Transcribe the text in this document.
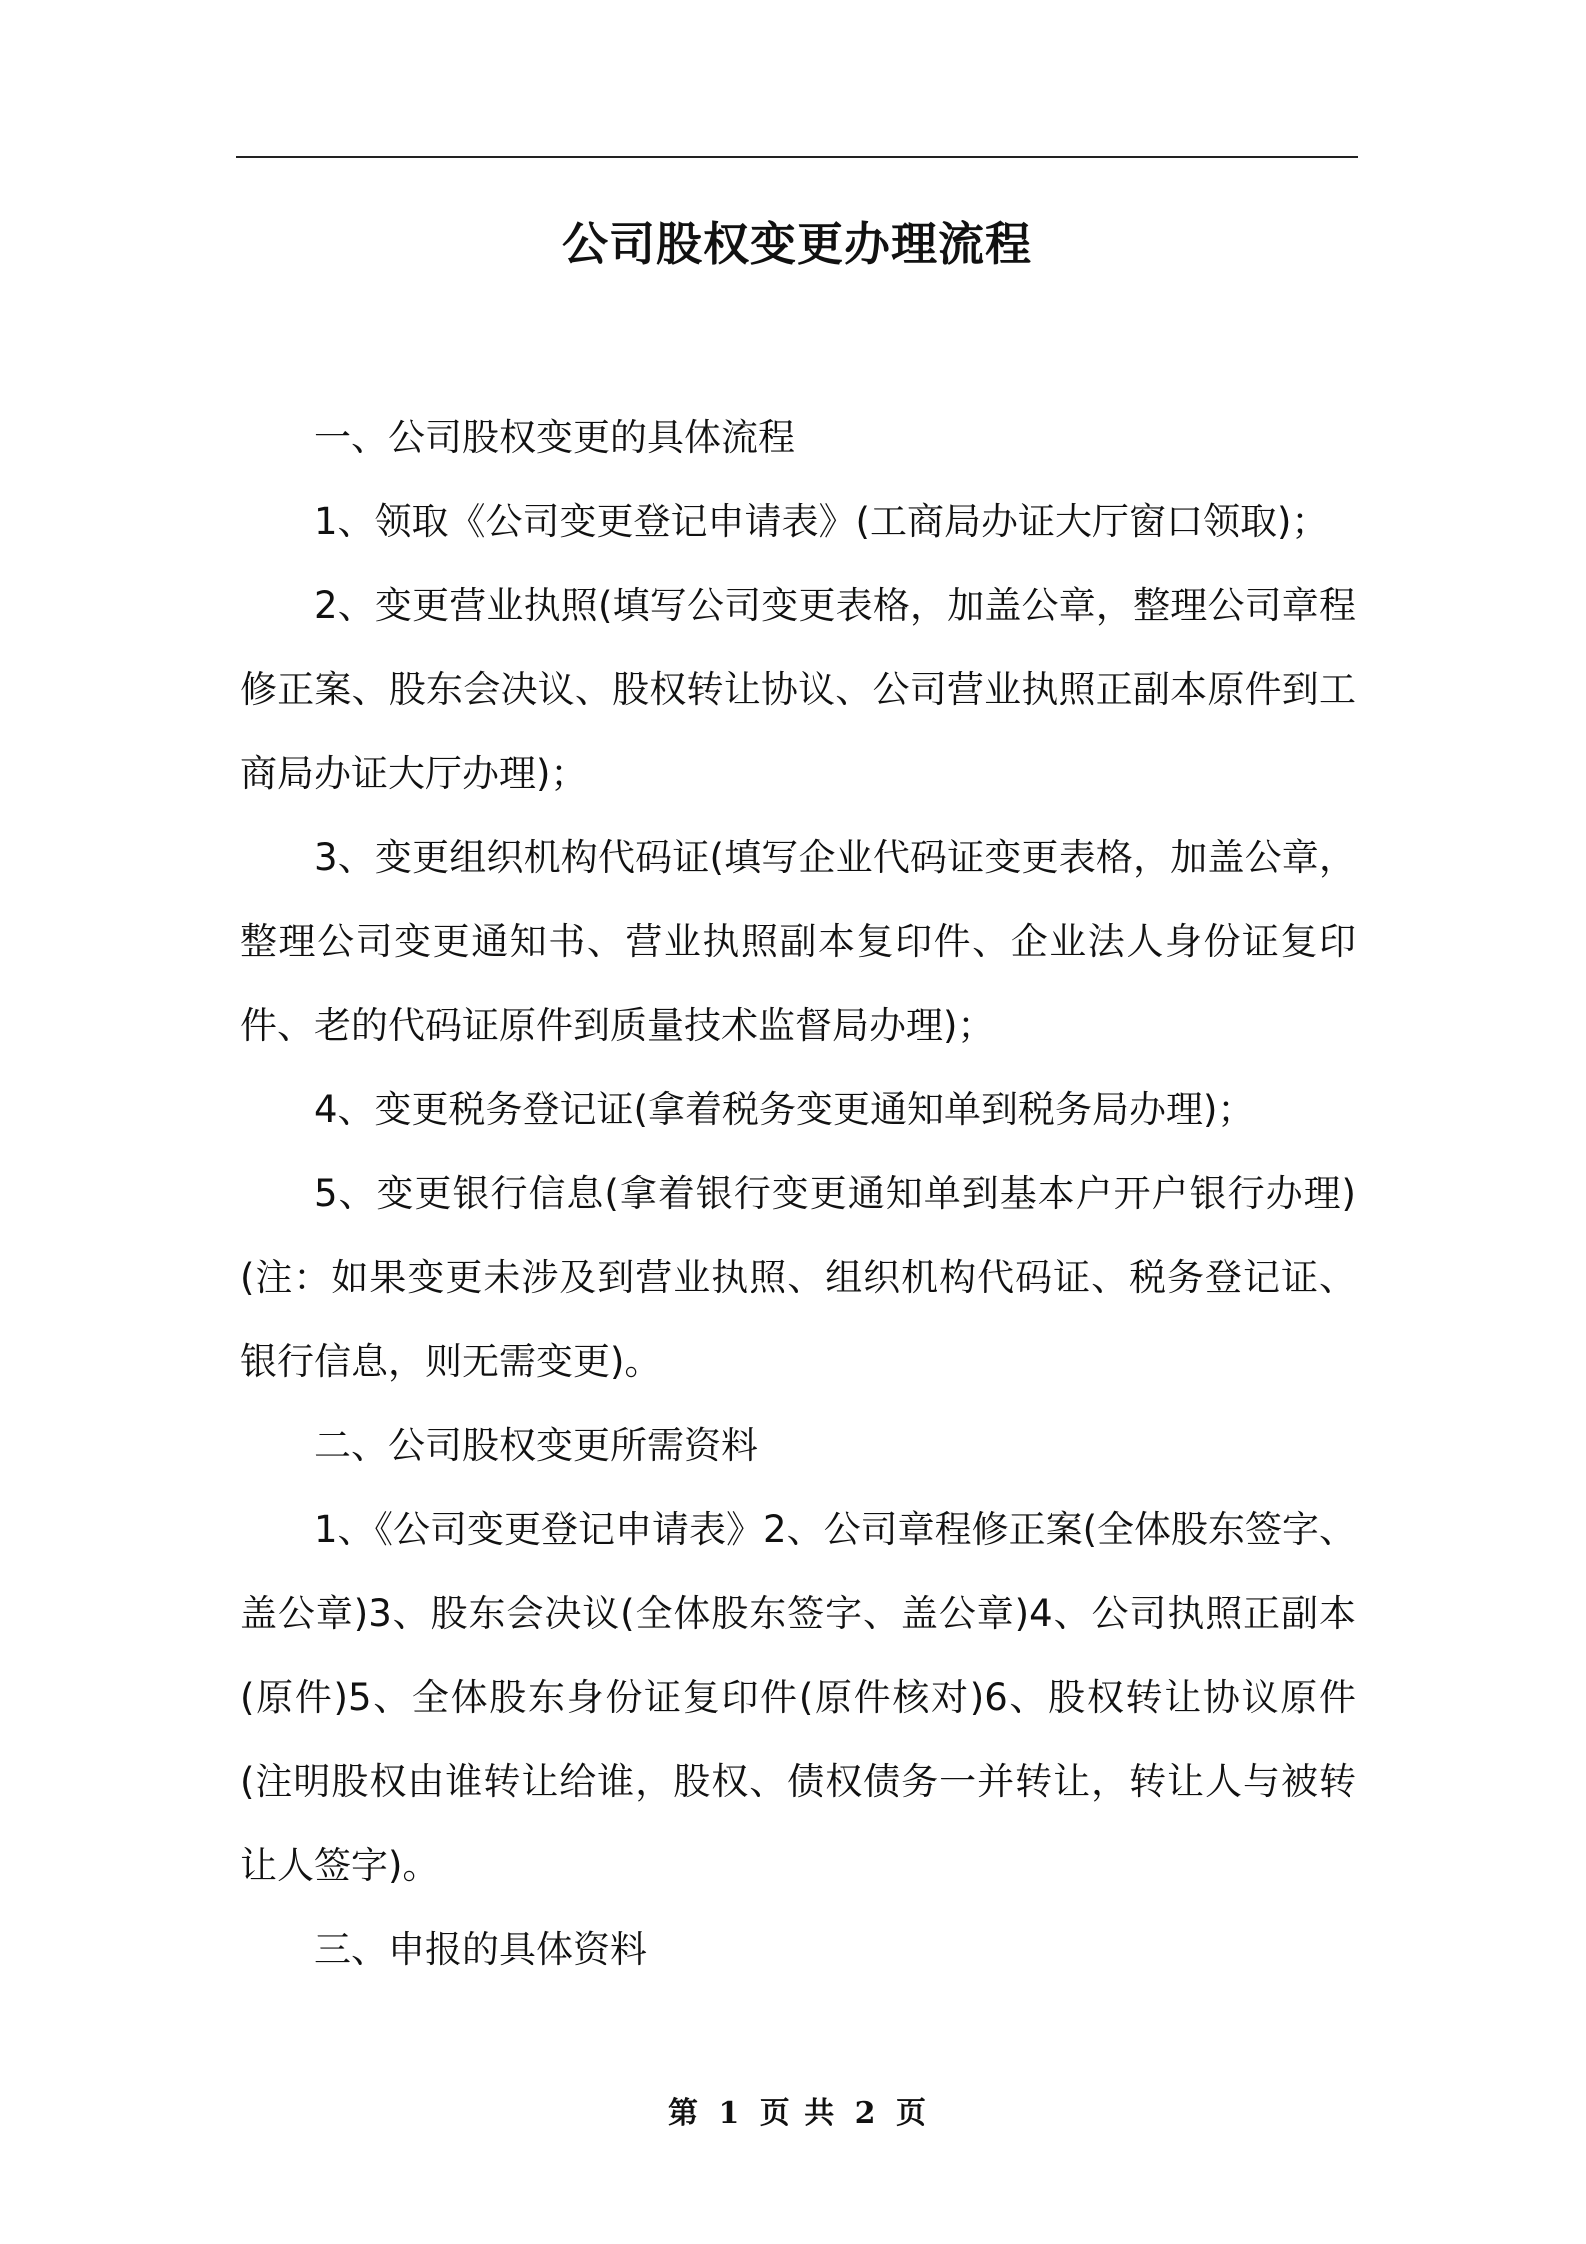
公司股权变更办理流程

一、公司股权变更的具体流程

1、领取《公司变更登记申请表》(工商局办证大厅窗口领取)；

2、变更营业执照(填写公司变更表格，加盖公章，整理公司章程修正案、股东会决议、股权转让协议、公司营业执照正副本原件到工商局办证大厅办理)；

3、变更组织机构代码证(填写企业代码证变更表格，加盖公章，整理公司变更通知书、营业执照副本复印件、企业法人身份证复印件、老的代码证原件到质量技术监督局办理)；

4、变更税务登记证(拿着税务变更通知单到税务局办理)；

5、变更银行信息(拿着银行变更通知单到基本户开户银行办理)(注：如果变更未涉及到营业执照、组织机构代码证、税务登记证、银行信息，则无需变更)。

二、公司股权变更所需资料

1、《公司变更登记申请表》2、公司章程修正案(全体股东签字、盖公章)3、股东会决议(全体股东签字、盖公章)4、公司执照正副本(原件)5、全体股东身份证复印件(原件核对)6、股权转让协议原件(注明股权由谁转让给谁，股权、债权债务一并转让，转让人与被转让人签字)。

三、申报的具体资料

第 1 页 共 2 页
